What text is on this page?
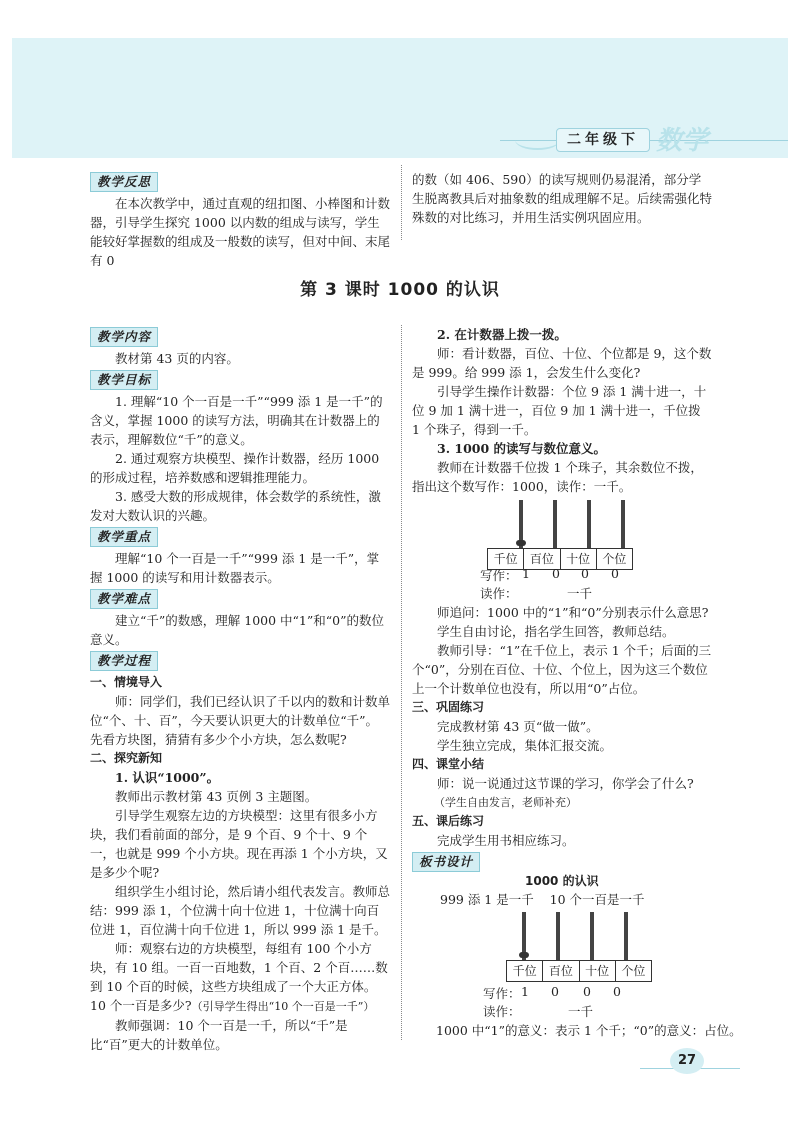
二年级下 数学
教学反思

在本次教学中，通过直观的纽扣图、小棒图和计数器，引导学生探究 1000 以内数的组成与读写，学生能较好掌握数的组成及一般数的读写，但对中间、末尾有 0

的数（如 406、590）的读写规则仍易混淆，部分学生脱离教具后对抽象数的组成理解不足。后续需强化特殊数的对比练习，并用生活实例巩固应用。

第 3 课时 1000 的认识
教学内容

教材第 43 页的内容。

教学目标

1. 理解“10 个一百是一千”“999 添 1 是一千”的含义，掌握 1000 的读写方法，明确其在计数器上的表示，理解数位“千”的意义。

2. 通过观察方块模型、操作计数器，经历 1000 的形成过程，培养数感和逻辑推理能力。

3. 感受大数的形成规律，体会数学的系统性，激发对大数认识的兴趣。

教学重点

理解“10 个一百是一千”“999 添 1 是一千”，掌握 1000 的读写和用计数器表示。

教学难点

建立“千”的数感，理解 1000 中“1”和“0”的数位意义。

教学过程

一、情境导入

师：同学们，我们已经认识了千以内的数和计数单位“个、十、百”，今天要认识更大的计数单位“千”。先看方块图，猜猜有多少个小方块，怎么数呢?

二、探究新知

1. 认识“1000”。

教师出示教材第 43 页例 3 主题图。

引导学生观察左边的方块模型：这里有很多小方块，我们看前面的部分，是 9 个百、9 个十、9 个一，也就是 999 个小方块。现在再添 1 个小方块，又是多少个呢?

组织学生小组讨论，然后请小组代表发言。教师总结：999 添 1，个位满十向十位进 1，十位满十向百位进 1，百位满十向千位进 1，所以 999 添 1 是千。

师：观察右边的方块模型，每组有 100 个小方块，有 10 组。一百一百地数，1 个百、2 个百……数到 10 个百的时候，这些方块组成了一个大正方体。10 个一百是多少?（引导学生得出“10 个一百是一千”）

教师强调：10 个一百是一千，所以“千”是比“百”更大的计数单位。

2. 在计数器上拨一拨。

师：看计数器，百位、十位、个位都是 9，这个数是 999。给 999 添 1，会发生什么变化?

引导学生操作计数器：个位 9 添 1 满十进一，十位 9 加 1 满十进一，百位 9 加 1 满十进一，千位拨 1 个珠子，得到一千。

3. 1000 的读写与数位意义。

教师在计数器千位拨 1 个珠子，其余数位不拨，指出这个数写作：1000，读作：一千。

千位	百位	十位	个位
写作： 1 0 0 0
读作：	一千

师追问：1000 中的“1”和“0”分别表示什么意思?

学生自由讨论，指名学生回答，教师总结。

教师引导：“1”在千位上，表示 1 个千；后面的三个“0”，分别在百位、十位、个位上，因为这三个数位上一个计数单位也没有，所以用“0”占位。

三、巩固练习

完成教材第 43 页“做一做”。

学生独立完成，集体汇报交流。

四、课堂小结

师：说一说通过这节课的学习，你学会了什么?

（学生自由发言，老师补充）

五、课后练习

完成学生用书相应练习。

板书设计
1000 的认识
999 添 1 是一千    10 个一百是一千
千位	百位	十位	个位
写作： 1 0 0 0
读作：	一千
1000 中“1”的意义：表示 1 个千；“0”的意义：占位。
27
